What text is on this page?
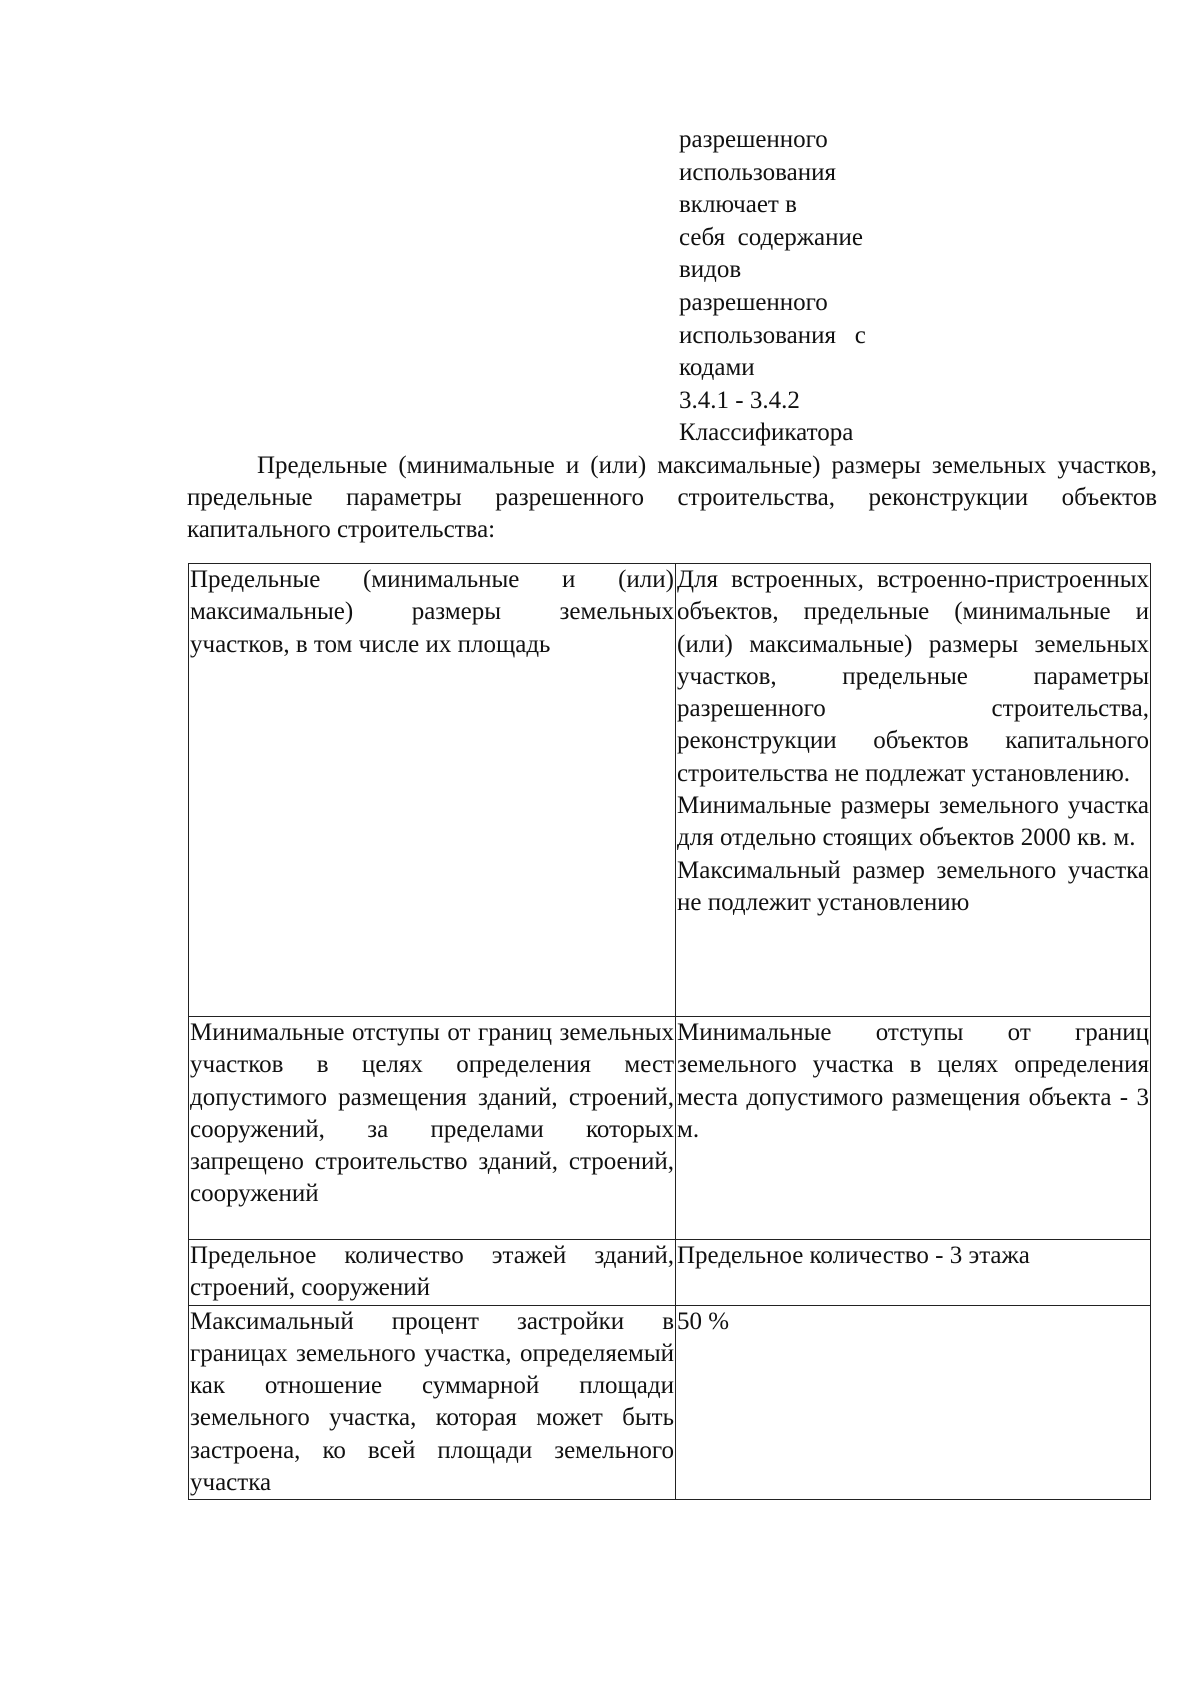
разрешенного
использования
включает в
себя  содержание
видов
разрешенного
использования   с
кодами
3.4.1 - 3.4.2
Классификатора

Предельные (минимальные и (или) максимальные) размеры земельных участков, предельные параметры разрешенного строительства, реконструкции объектов капитального строительства:

Предельные (минимальные и (или) максимальные) размеры земельных участков, в том числе их площадь	Для встроенных, встроенно-пристроенных объектов, предельные (минимальные и (или) максимальные) размеры земельных участков, предельные параметры разрешенного строительства, реконструкции объектов капитального строительства не подлежат установлению.

Минимальные размеры земельного участка для отдельно стоящих объектов 2000 кв. м.

Максимальный размер земельного участка не подлежит установлению

Минимальные отступы от границ земельных участков в целях определения мест допустимого размещения зданий, строений, сооружений, за пределами которых запрещено строительство зданий, строений, сооружений	Минимальные отступы от границ земельного участка в целях определения места допустимого размещения объекта - 3 м.

Предельное количество этажей зданий, строений, сооружений	Предельное количество - 3 этажа

Максимальный процент застройки в границах земельного участка, определяемый как отношение суммарной площади земельного участка, которая может быть застроена, ко всей площади земельного участка	50 %
